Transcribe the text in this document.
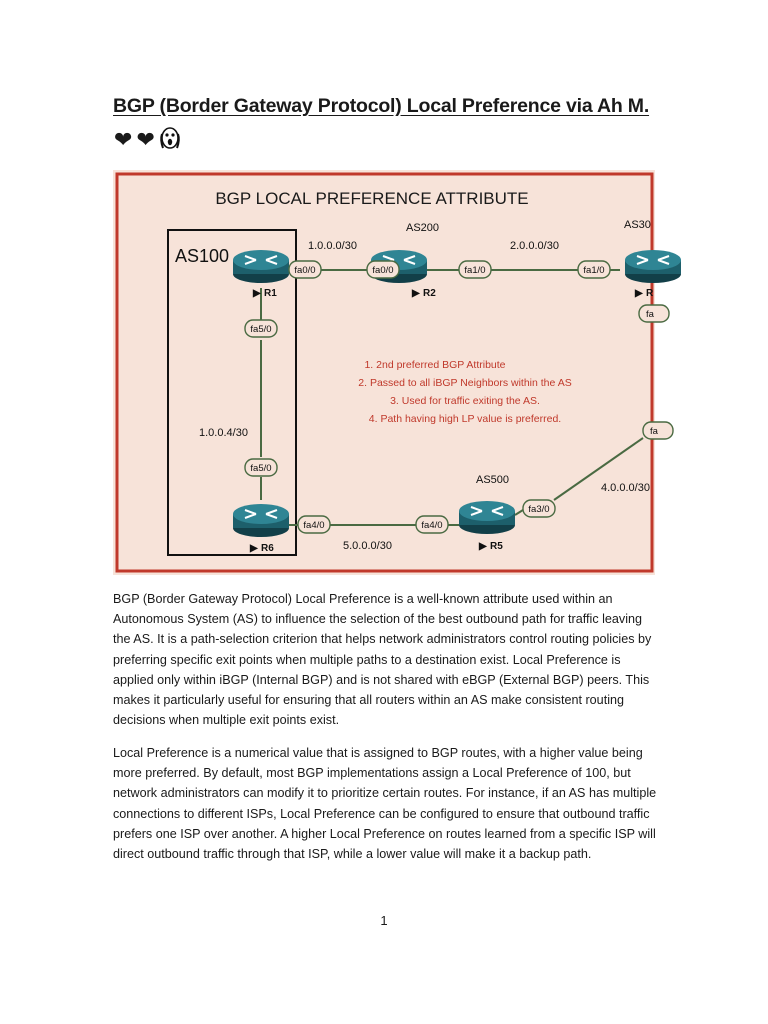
BGP (Border Gateway Protocol) Local Preference via Ah M.
❤ ❤
BGP LOCAL PREFERENCE ATTRIBUTE
AS100
▶ R1	▶ R2	▶ R
▶ R6	▶ R5
AS200	AS30
AS500
1.0.0.0/30	2.0.0.0/30
1.0.0.4/30
4.0.0.0/30
5.0.0.0/30
fa0/0	fa0/0	fa1/0	fa1/0
fa
fa5/0
fa5/0
fa4/0	fa4/0
fa3/0
fa
1. 2nd preferred BGP Attribute
2. Passed to all iBGP Neighbors within the AS
3. Used for traffic exiting the AS.
4. Path having high LP value is preferred.

BGP (Border Gateway Protocol) Local Preference is a well-known attribute used within an Autonomous System (AS) to influence the selection of the best outbound path for traffic leaving the AS. It is a path-selection criterion that helps network administrators control routing policies by preferring specific exit points when multiple paths to a destination exist. Local Preference is applied only within iBGP (Internal BGP) and is not shared with eBGP (External BGP) peers. This makes it particularly useful for ensuring that all routers within an AS make consistent routing decisions when multiple exit points exist.

Local Preference is a numerical value that is assigned to BGP routes, with a higher value being more preferred. By default, most BGP implementations assign a Local Preference of 100, but network administrators can modify it to prioritize certain routes. For instance, if an AS has multiple connections to different ISPs, Local Preference can be configured to ensure that outbound traffic prefers one ISP over another. A higher Local Preference on routes learned from a specific ISP will direct outbound traffic through that ISP, while a lower value will make it a backup path.

1
